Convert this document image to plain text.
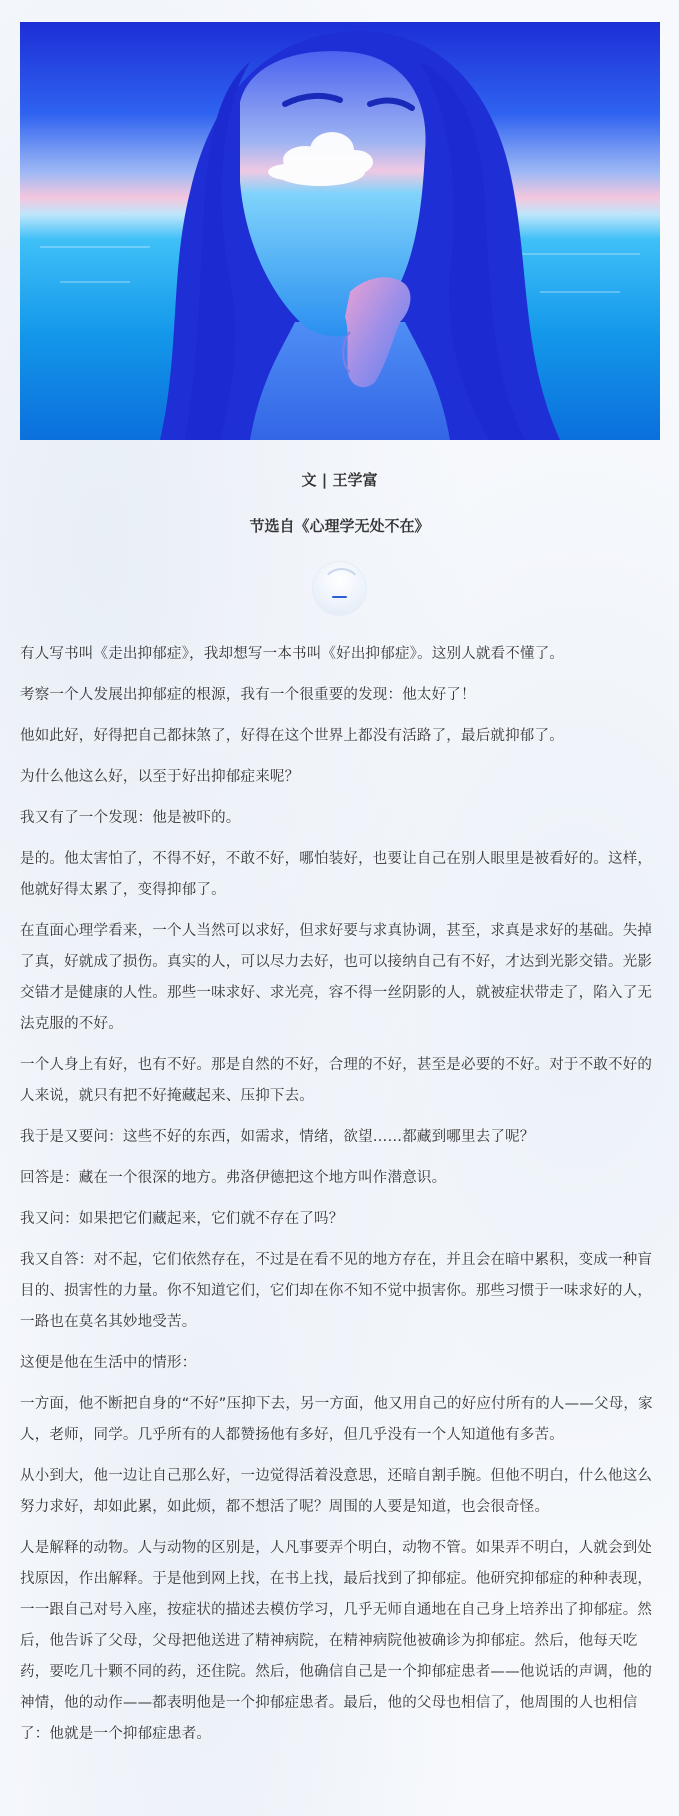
文 | 王学富
节选自《心理学无处不在》

有人写书叫《走出抑郁症》，我却想写一本书叫《好出抑郁症》。这别人就看不懂了。

考察一个人发展出抑郁症的根源，我有一个很重要的发现：他太好了！

他如此好，好得把自己都抹煞了，好得在这个世界上都没有活路了，最后就抑郁了。

为什么他这么好，以至于好出抑郁症来呢？

我又有了一个发现：他是被吓的。

是的。他太害怕了，不得不好，不敢不好，哪怕装好，也要让自己在别人眼里是被看好的。这样，他就好得太累了，变得抑郁了。

在直面心理学看来，一个人当然可以求好，但求好要与求真协调，甚至，求真是求好的基础。失掉了真，好就成了损伤。真实的人，可以尽力去好，也可以接纳自己有不好，才达到光影交错。光影交错才是健康的人性。那些一味求好、求光亮，容不得一丝阴影的人，就被症状带走了，陷入了无法克服的不好。

一个人身上有好，也有不好。那是自然的不好，合理的不好，甚至是必要的不好。对于不敢不好的人来说，就只有把不好掩藏起来、压抑下去。

我于是又要问：这些不好的东西，如需求，情绪，欲望……都藏到哪里去了呢？

回答是：藏在一个很深的地方。弗洛伊德把这个地方叫作潜意识。

我又问：如果把它们藏起来，它们就不存在了吗？

我又自答：对不起，它们依然存在，不过是在看不见的地方存在，并且会在暗中累积，变成一种盲目的、损害性的力量。你不知道它们，它们却在你不知不觉中损害你。那些习惯于一味求好的人，一路也在莫名其妙地受苦。

这便是他在生活中的情形：

一方面，他不断把自身的“不好”压抑下去，另一方面，他又用自己的好应付所有的人——父母，家人，老师，同学。几乎所有的人都赞扬他有多好，但几乎没有一个人知道他有多苦。

从小到大，他一边让自己那么好，一边觉得活着没意思，还暗自割手腕。但他不明白，什么他这么努力求好，却如此累，如此烦，都不想活了呢？周围的人要是知道，也会很奇怪。

人是解释的动物。人与动物的区别是，人凡事要弄个明白，动物不管。如果弄不明白，人就会到处找原因，作出解释。于是他到网上找，在书上找，最后找到了抑郁症。他研究抑郁症的种种表现，一一跟自己对号入座，按症状的描述去模仿学习，几乎无师自通地在自己身上培养出了抑郁症。然后，他告诉了父母，父母把他送进了精神病院，在精神病院他被确诊为抑郁症。然后，他每天吃药，要吃几十颗不同的药，还住院。然后，他确信自己是一个抑郁症患者——他说话的声调，他的神情，他的动作——都表明他是一个抑郁症患者。最后，他的父母也相信了，他周围的人也相信了：他就是一个抑郁症患者。
